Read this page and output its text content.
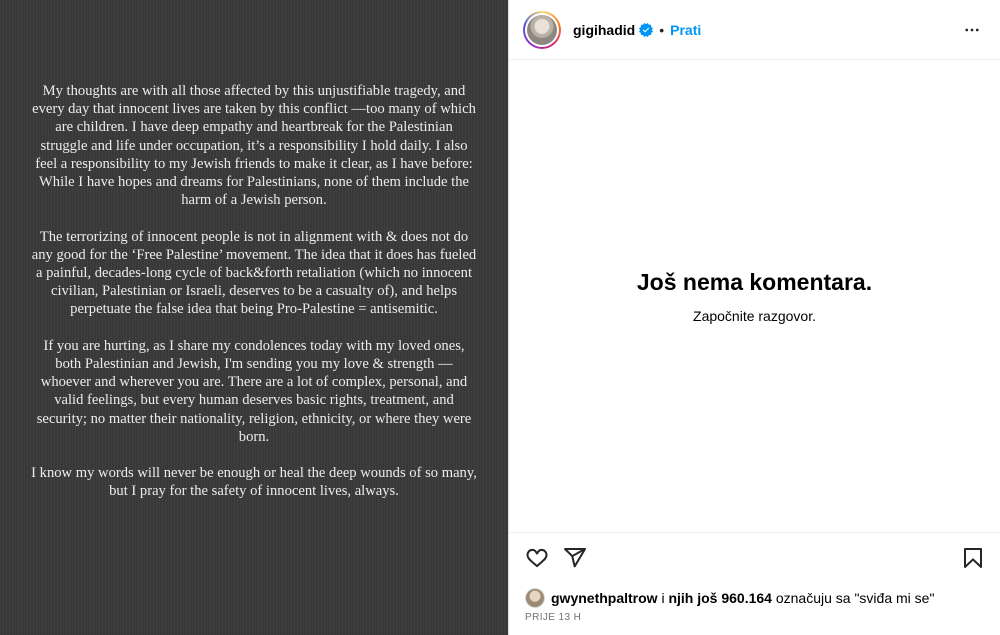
My thoughts are with all those affected by this unjustifiable tragedy, and every day that innocent lives are taken by this conflict —too many of which are children. I have deep empathy and heartbreak for the Palestinian struggle and life under occupation, it’s a responsibility I hold daily. I also feel a responsibility to my Jewish friends to make it clear, as I have before: While I have hopes and dreams for Palestinians, none of them include the harm of a Jewish person.

The terrorizing of innocent people is not in alignment with & does not do any good for the ‘Free Palestine’ movement. The idea that it does has fueled a painful, decades-long cycle of back&forth retaliation (which no innocent civilian, Palestinian or Israeli, deserves to be a casualty of), and helps perpetuate the false idea that being Pro-Palestine = antisemitic.

If you are hurting, as I share my condolences today with my loved ones, both Palestinian and Jewish, I'm sending you my love & strength — whoever and wherever you are. There are a lot of complex, personal, and valid feelings, but every human deserves basic rights, treatment, and security; no matter their nationality, religion, ethnicity, or where they were born.

I know my words will never be enough or heal the deep wounds of so many, but I pray for the safety of innocent lives, always.

gigihadid • Prati
Još nema komentara.
Započnite razgovor.
gwynethpaltrow i njih još 960.164 označuju sa "sviđa mi se"
PRIJE 13 H
